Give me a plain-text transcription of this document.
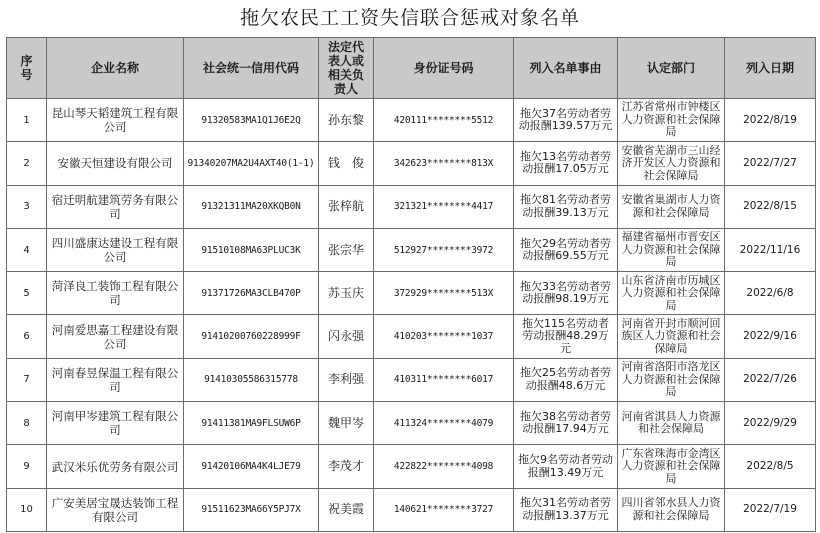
拖欠农民工工资失信联合惩戒对象名单
序号	企业名称	社会统一信用代码	法定代表人或相关负责人	身份证号码	列入名单事由	认定部门	列入日期
1	昆山琴天韬建筑工程有限公司	91320583MA1Q1J6E2Q	孙东黎	420111********5512	拖欠37名劳动者劳动报酬139.57万元	江苏省常州市钟楼区人力资源和社会保障局	2022/8/19
2	安徽天恒建设有限公司	91340207MA2U4AXT40(1-1)	钱　俊	342623********813X	拖欠13名劳动者劳动报酬17.05万元	安徽省芜湖市三山经济开发区人力资源和社会保障局	2022/7/27
3	宿迁明航建筑劳务有限公司	91321311MA20XKQB0N	张梓航	321321********4417	拖欠81名劳动者劳动报酬39.13万元	安徽省巢湖市人力资源和社会保障局	2022/8/15
4	四川盛康达建设工程有限公司	91510108MA63PLUC3K	张宗华	512927********3972	拖欠29名劳动者劳动报酬69.55万元	福建省福州市晋安区人力资源和社会保障局	2022/11/16
5	菏泽良工装饰工程有限公司	91371726MA3CLB470P	苏玉庆	372929********513X	拖欠33名劳动者劳动报酬98.19万元	山东省济南市历城区人力资源和社会保障局	2022/6/8
6	河南爱思嘉工程建设有限公司	91410200760228999F	闪永强	410203********1037	拖欠115名劳动者劳动报酬48.29万元	河南省开封市顺河回族区人力资源和社会保障局	2022/9/16
7	河南春昱保温工程有限公司	91410305586315778	李利强	410311********6017	拖欠25名劳动者劳动报酬48.6万元	河南省洛阳市洛龙区人力资源和社会保障局	2022/7/26
8	河南甲岑建筑工程有限公司	91411381MA9FLSUW6P	魏甲岑	411324********4079	拖欠38名劳动者劳动报酬17.94万元	河南省淇县人力资源和社会保障局	2022/9/29
9	武汉米乐优劳务有限公司	91420106MA4K4LJE79	李茂才	422822********4098	拖欠9名劳动者劳动报酬13.49万元	广东省珠海市金湾区人力资源和社会保障局	2022/8/5
10	广安美居宝晟达装饰工程有限公司	91511623MA66Y5PJ7X	祝美霞	140621********3727	拖欠31名劳动者劳动报酬13.37万元	四川省邻水县人力资源和社会保障局	2022/7/19
